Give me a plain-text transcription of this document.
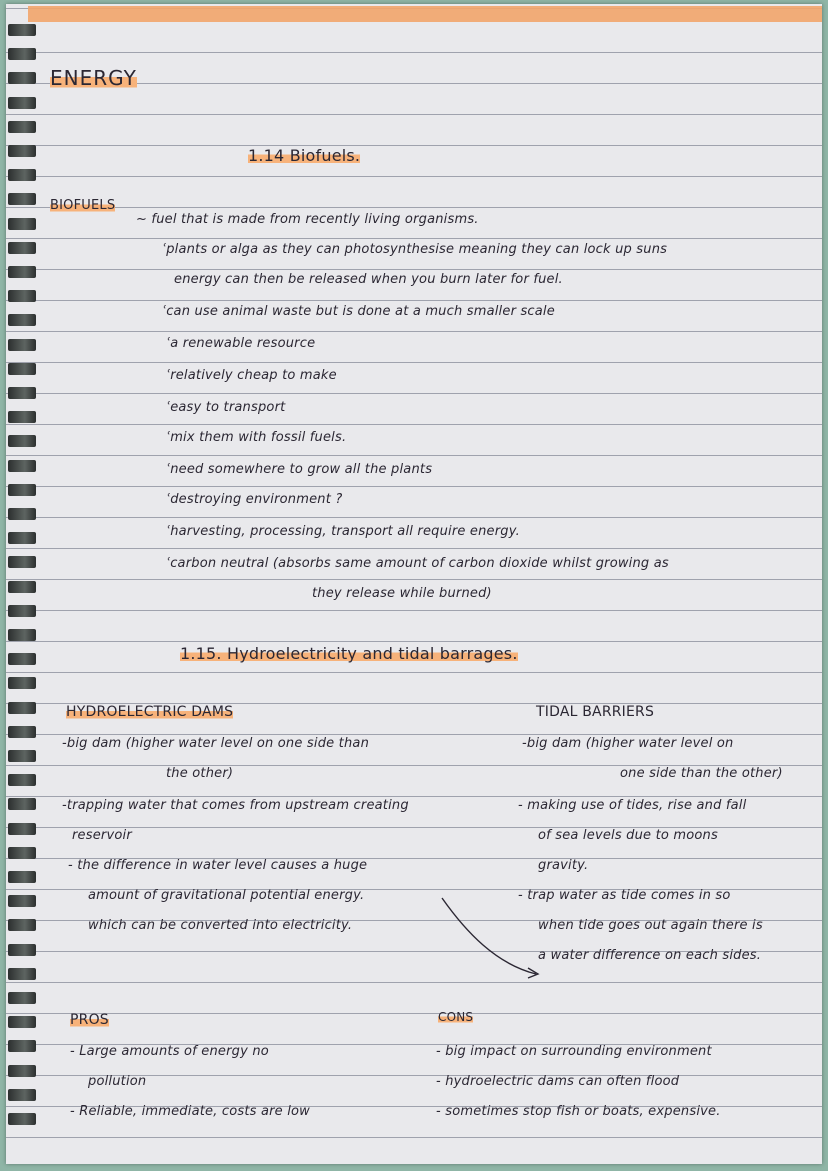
ENERGY
1.14 Biofuels.
BIOFUELS
~ fuel that is made from recently living organisms.
ʿplants or alga as they can photosynthesise meaning they can lock up suns
energy can then be released when you burn later for fuel.
ʿcan use animal waste but is done at a much smaller scale
ʿa renewable resource
ʿrelatively cheap to make
ʿeasy to transport
ʿmix them with fossil fuels.
ʿneed somewhere to grow all the plants
ʿdestroying environment ?
ʿharvesting, processing, transport all require energy.
ʿcarbon neutral (absorbs same amount of carbon dioxide whilst growing as
they release while burned)
1.15. Hydroelectricity and tidal barrages.
HYDROELECTRIC DAMS
-big dam (higher water level on one side than
the other)
-trapping water that comes from upstream creating
reservoir
- the difference in water level causes a huge
amount of gravitational potential energy.
which can be converted into electricity.
TIDAL BARRIERS
-big dam (higher water level on
one side than the other)
- making use of tides, rise and fall
of sea levels due to moons
gravity.
- trap water as tide comes in so
when tide goes out again there is
a water difference on each sides.
PROS
- Large amounts of energy no
pollution
- Reliable, immediate, costs are low
CONS
- big impact on surrounding environment
- hydroelectric dams can often flood
- sometimes stop fish or boats, expensive.
